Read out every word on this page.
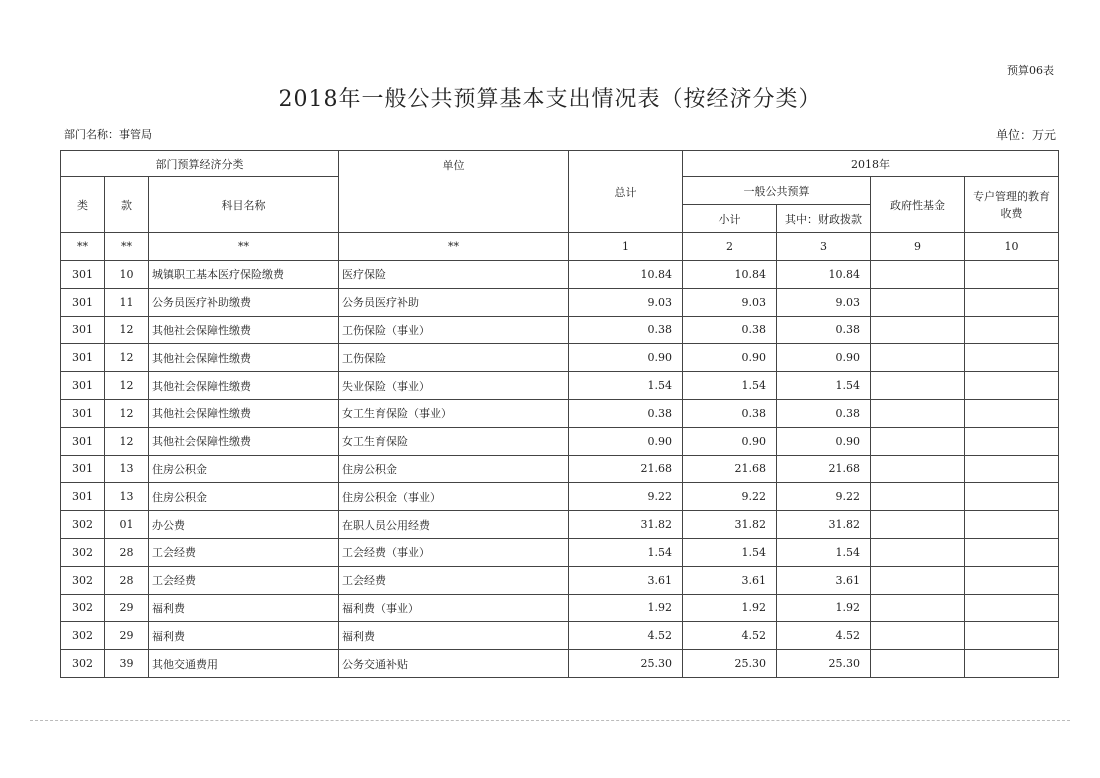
预算06表
2018年一般公共预算基本支出情况表（按经济分类）
部门名称：事管局	单位：万元
部门预算经济分类			单位	总计	2018年			
类	款	科目名称			一般公共预算		政府性基金	专户管理的教育收费
					小计	其中：财政拨款		
**	**	**	**	1	2	3	9	10
301	10	城镇职工基本医疗保险缴费	医疗保险	10.84	10.84	10.84		
301	11	公务员医疗补助缴费	公务员医疗补助	9.03	9.03	9.03		
301	12	其他社会保障性缴费	工伤保险（事业）	0.38	0.38	0.38		
301	12	其他社会保障性缴费	工伤保险	0.90	0.90	0.90		
301	12	其他社会保障性缴费	失业保险（事业）	1.54	1.54	1.54		
301	12	其他社会保障性缴费	女工生育保险（事业）	0.38	0.38	0.38		
301	12	其他社会保障性缴费	女工生育保险	0.90	0.90	0.90		
301	13	住房公积金	住房公积金	21.68	21.68	21.68		
301	13	住房公积金	住房公积金（事业）	9.22	9.22	9.22		
302	01	办公费	在职人员公用经费	31.82	31.82	31.82		
302	28	工会经费	工会经费（事业）	1.54	1.54	1.54		
302	28	工会经费	工会经费	3.61	3.61	3.61		
302	29	福利费	福利费（事业）	1.92	1.92	1.92		
302	29	福利费	福利费	4.52	4.52	4.52		
302	39	其他交通费用	公务交通补贴	25.30	25.30	25.30		
